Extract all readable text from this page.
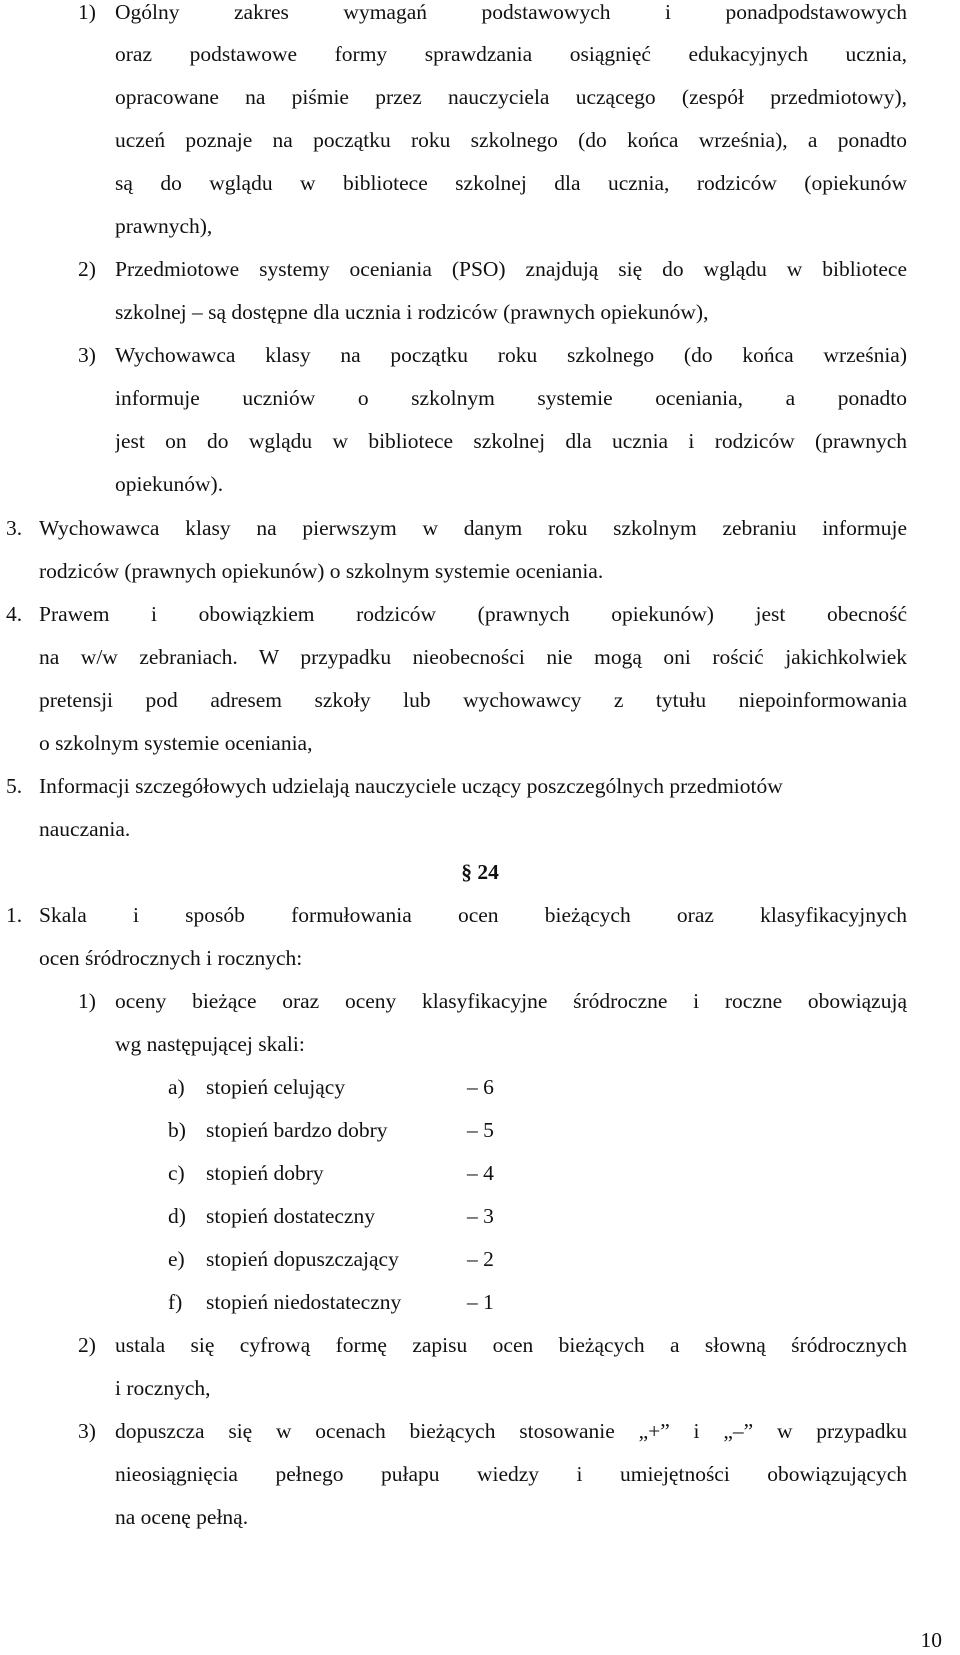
1) Ogólny zakres wymagań podstawowych i ponadpodstawowych
oraz podstawowe formy sprawdzania osiągnięć edukacyjnych ucznia,
opracowane na piśmie przez nauczyciela uczącego (zespół przedmiotowy),
uczeń poznaje na początku roku szkolnego (do końca września), a ponadto
są do wglądu w bibliotece szkolnej dla ucznia, rodziców (opiekunów
prawnych),
2) Przedmiotowe systemy oceniania (PSO) znajdują się do wglądu w bibliotece
szkolnej – są dostępne dla ucznia i rodziców (prawnych opiekunów),
3) Wychowawca klasy na początku roku szkolnego (do końca września)
informuje uczniów o szkolnym systemie oceniania, a ponadto
jest on do wglądu w bibliotece szkolnej dla ucznia i rodziców (prawnych
opiekunów).
3. Wychowawca klasy na pierwszym w danym roku szkolnym zebraniu informuje
rodziców (prawnych opiekunów) o szkolnym systemie oceniania.
4. Prawem i obowiązkiem rodziców (prawnych opiekunów) jest obecność
na w/w zebraniach. W przypadku nieobecności nie mogą oni rościć jakichkolwiek
pretensji pod adresem szkoły lub wychowawcy z tytułu niepoinformowania
o szkolnym systemie oceniania,
5. Informacji szczegółowych udzielają nauczyciele uczący poszczególnych przedmiotów
nauczania.
§ 24
1. Skala i sposób formułowania ocen bieżących oraz klasyfikacyjnych
ocen śródrocznych i rocznych:
1) oceny bieżące oraz oceny klasyfikacyjne śródroczne i roczne obowiązują
wg następującej skali:
a) stopień celujący	– 6
b) stopień bardzo dobry	– 5
c) stopień dobry	– 4
d) stopień dostateczny	– 3
e) stopień dopuszczający	– 2
f) stopień niedostateczny	– 1
2) ustala się cyfrową formę zapisu ocen bieżących a słowną śródrocznych
i rocznych,
3) dopuszcza się w ocenach bieżących stosowanie „+” i „–” w przypadku
nieosiągnięcia pełnego pułapu wiedzy i umiejętności obowiązujących
na ocenę pełną.
10
